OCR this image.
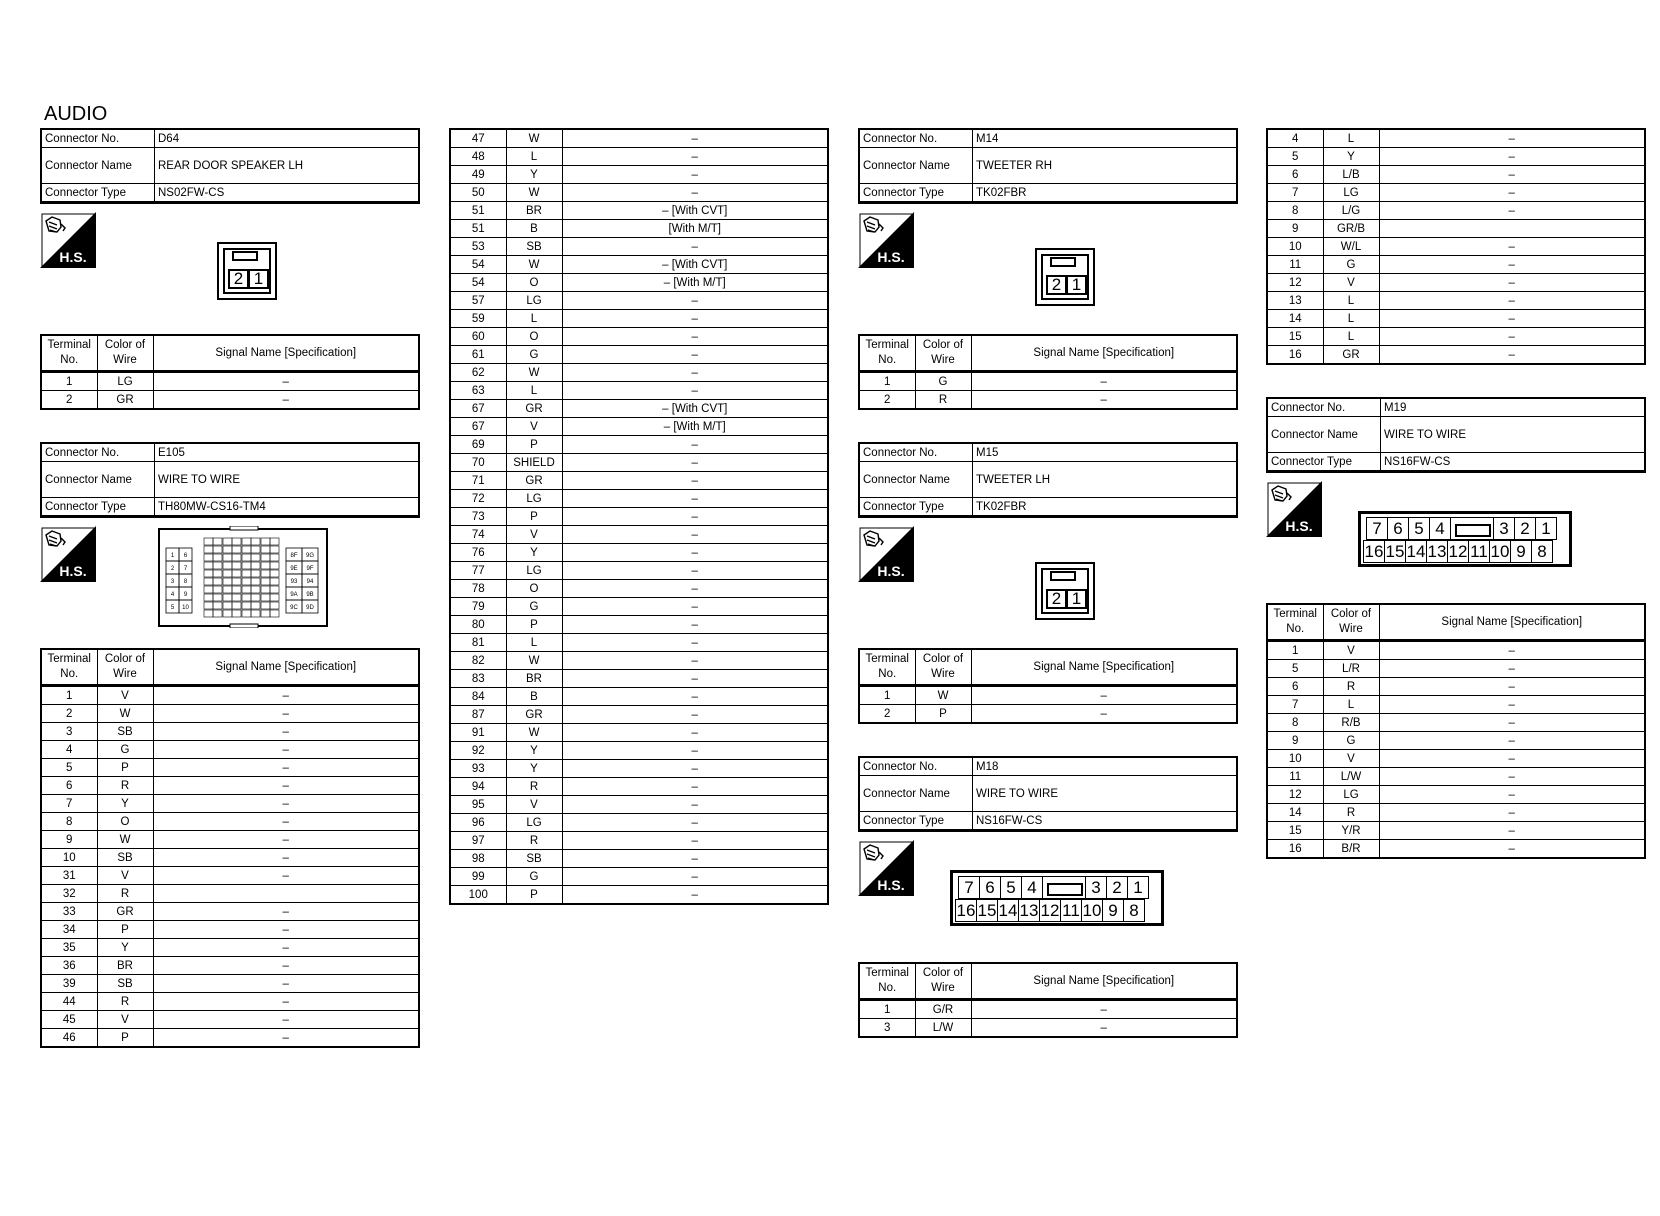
AUDIO
Connector No.	D64
Connector Name	REAR DOOR SPEAKER LH
Connector Type	NS02FW-CS
H.S.
2 1
Terminal No.	Color of Wire	Signal Name [Specification]
1	LG	–
2	GR	–
Connector No.	E105
Connector Name	WIRE TO WIRE
Connector Type	TH80MW-CS16-TM4
H.S.
1 6
2 7
3 8
4 9
5 10
8F 9G
9E 9F
93 94
9A 9B
9C 9D
Terminal No.	Color of Wire	Signal Name [Specification]
1	V	–
2	W	–
3	SB	–
4	G	–
5	P	–
6	R	–
7	Y	–
8	O	–
9	W	–
10	SB	–
31	V	–
32	R	
33	GR	–
34	P	–
35	Y	–
36	BR	–
39	SB	–
44	R	–
45	V	–
46	P	–
47	W	–
48	L	–
49	Y	–
50	W	–
51	BR	– [With CVT]
51	B	[With M/T]
53	SB	–
54	W	– [With CVT]
54	O	– [With M/T]
57	LG	–
59	L	–
60	O	–
61	G	–
62	W	–
63	L	–
67	GR	– [With CVT]
67	V	– [With M/T]
69	P	–
70	SHIELD	–
71	GR	–
72	LG	–
73	P	–
74	V	–
76	Y	–
77	LG	–
78	O	–
79	G	–
80	P	–
81	L	–
82	W	–
83	BR	–
84	B	–
87	GR	–
91	W	–
92	Y	–
93	Y	–
94	R	–
95	V	–
96	LG	–
97	R	–
98	SB	–
99	G	–
100	P	–
Connector No.	M14
Connector Name	TWEETER RH
Connector Type	TK02FBR
H.S.
2 1
Terminal No.	Color of Wire	Signal Name [Specification]
1	G	–
2	R	–
Connector No.	M15
Connector Name	TWEETER LH
Connector Type	TK02FBR
H.S.
2 1
Terminal No.	Color of Wire	Signal Name [Specification]
1	W	–
2	P	–
Connector No.	M18
Connector Name	WIRE TO WIRE
Connector Type	NS16FW-CS
H.S.	7 6 5 4	3 2 1
16 15 14 13 12 11 10 9 8
Terminal No.	Color of Wire	Signal Name [Specification]
1	G/R	–
3	L/W	–
4	L	–
5	Y	–
6	L/B	–
7	LG	–
8	L/G	–
9	GR/B	
10	W/L	–
11	G	–
12	V	–
13	L	–
14	L	–
15	L	–
16	GR	–
Connector No.	M19
Connector Name	WIRE TO WIRE
Connector Type	NS16FW-CS
H.S.	7 6 5 4	3 2 1
16 15 14 13 12 11 10 9 8
Terminal No.	Color of Wire	Signal Name [Specification]
1	V	–
5	L/R	–
6	R	–
7	L	–
8	R/B	–
9	G	–
10	V	–
11	L/W	–
12	LG	–
14	R	–
15	Y/R	–
16	B/R	–
